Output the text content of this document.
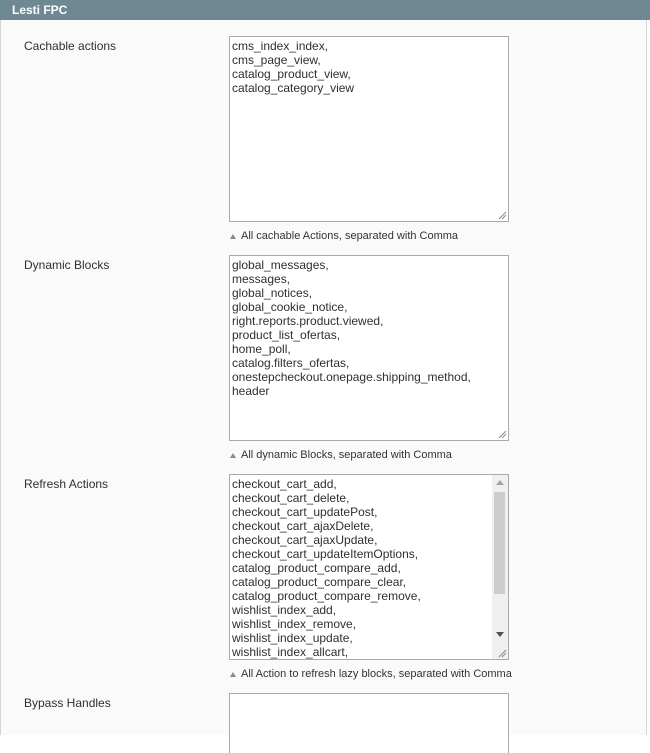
Lesti FPC
Cachable actions	cms_index_index,
cms_page_view,
catalog_product_view,
catalog_category_view
All cachable Actions, separated with Comma
Dynamic Blocks	global_messages,
messages,
global_notices,
global_cookie_notice,
right.reports.product.viewed,
product_list_ofertas,
home_poll,
catalog.filters_ofertas,
onestepcheckout.onepage.shipping_method,
header
All dynamic Blocks, separated with Comma
Refresh Actions	checkout_cart_add,
checkout_cart_delete,
checkout_cart_updatePost,
checkout_cart_ajaxDelete,
checkout_cart_ajaxUpdate,
checkout_cart_updateItemOptions,
catalog_product_compare_add,
catalog_product_compare_clear,
catalog_product_compare_remove,
wishlist_index_add,
wishlist_index_remove,
wishlist_index_update,
wishlist_index_allcart,
All Action to refresh lazy blocks, separated with Comma
Bypass Handles
